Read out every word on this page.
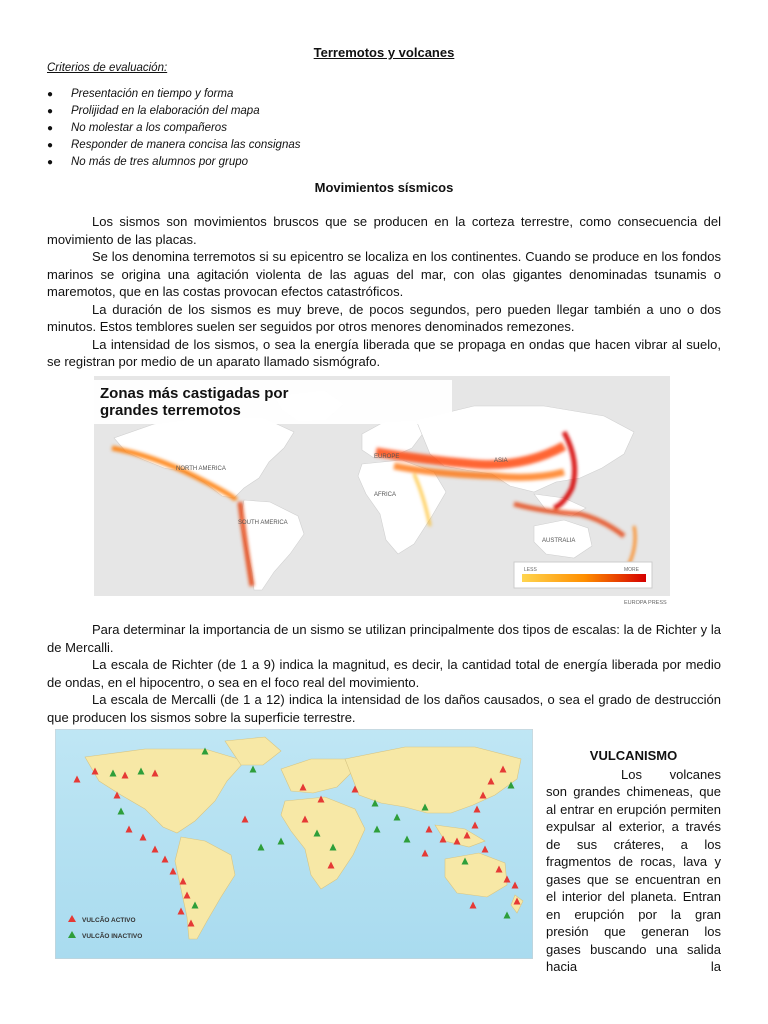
Terremotos y volcanes
Criterios de evaluación:
● Presentación en tiempo y forma
● Prolijidad en la elaboración del mapa
● No molestar a los compañeros
● Responder de manera concisa las consignas
● No más de tres alumnos por grupo
Movimientos sísmicos

Los sismos son movimientos bruscos que se producen en la corteza terrestre, como consecuencia del movimiento de las placas.

Se los denomina terremotos si su epicentro se localiza en los continentes. Cuando se produce en los fondos marinos se origina una agitación violenta de las aguas del mar, con olas gigantes denominadas tsunamis o maremotos, que en las costas provocan efectos catastróficos.

La duración de los sismos es muy breve, de pocos segundos, pero pueden llegar también a uno o dos minutos. Estos temblores suelen ser seguidos por otros menores denominados remezones.

La intensidad de los sismos, o sea la energía liberada que se propaga en ondas que hacen vibrar al suelo, se registran por medio de un aparato llamado sismógrafo.

Zonas más castigadas por
grandes terremotos
NORTH AMERICA
SOUTH AMERICA
EUROPE
AFRICA
ASIA
AUSTRALIA
LESS	MORE
EUROPA PRESS

Para determinar la importancia de un sismo se utilizan principalmente dos tipos de escalas: la de Richter y la de Mercalli.

La escala de Richter (de 1 a 9) indica la magnitud, es decir, la cantidad total de energía liberada por medio de ondas, en el hipocentro, o sea en el foco real del movimiento.

La escala de Mercalli (de 1 a 12) indica la intensidad de los daños causados, o sea el grado de destrucción que producen los sismos sobre la superficie terrestre.

VULCÃO ACTIVO
VULCÃO INACTIVO
VULCANISMO

Los volcanes son grandes chimeneas, que al entrar en erupción permiten expulsar al exterior, a través de sus cráteres, a los fragmentos de rocas, lava y gases que se encuentran en el interior del planeta. Entran en erupción por la gran presión que generan los gases buscando una salida hacia la
